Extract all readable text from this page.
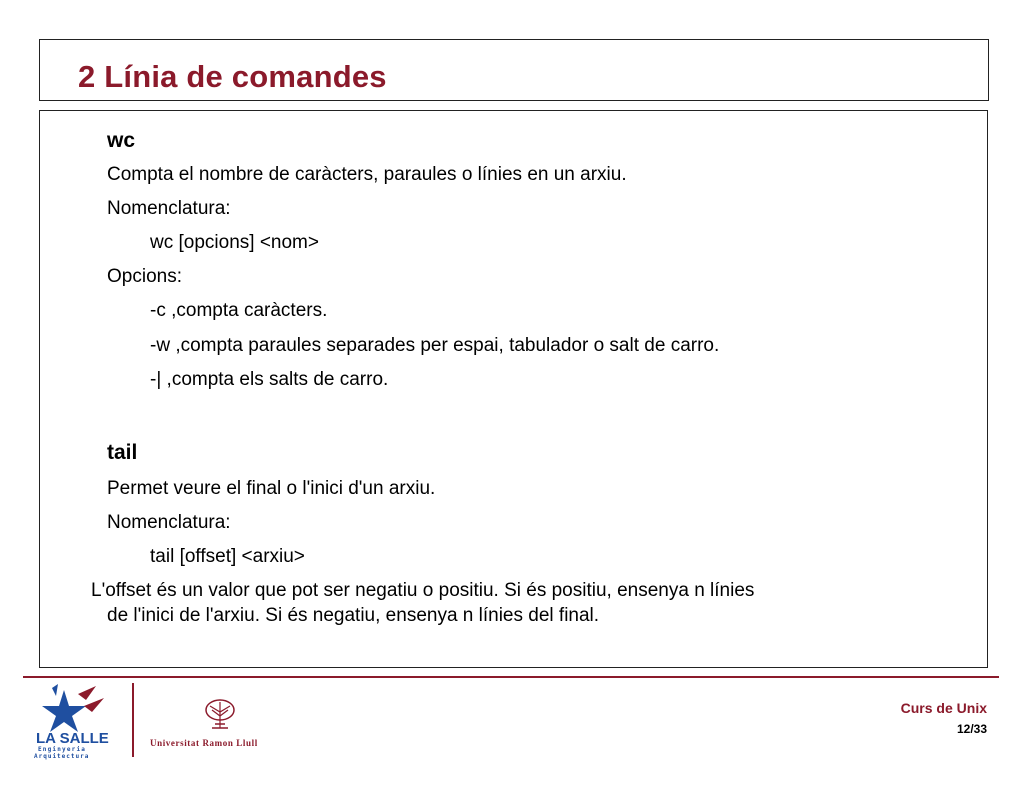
2 Línia de comandes
wc
Compta el nombre de caràcters, paraules o línies en un arxiu.
Nomenclatura:
wc [opcions] <nom>
Opcions:
-c ,compta caràcters.
-w ,compta paraules separades per espai, tabulador o salt de carro.
-| ,compta els salts de carro.
tail
Permet veure el final o l'inici d'un arxiu.
Nomenclatura:
tail [offset] <arxiu>
L'offset és un valor que pot ser negatiu o positiu. Si és positiu, ensenya n línies
de l'inici de l'arxiu. Si és negatiu, ensenya n línies del final.
LA SALLE
Enginyeria
Arquitectura
Universitat Ramon Llull
Curs de Unix
12/33
